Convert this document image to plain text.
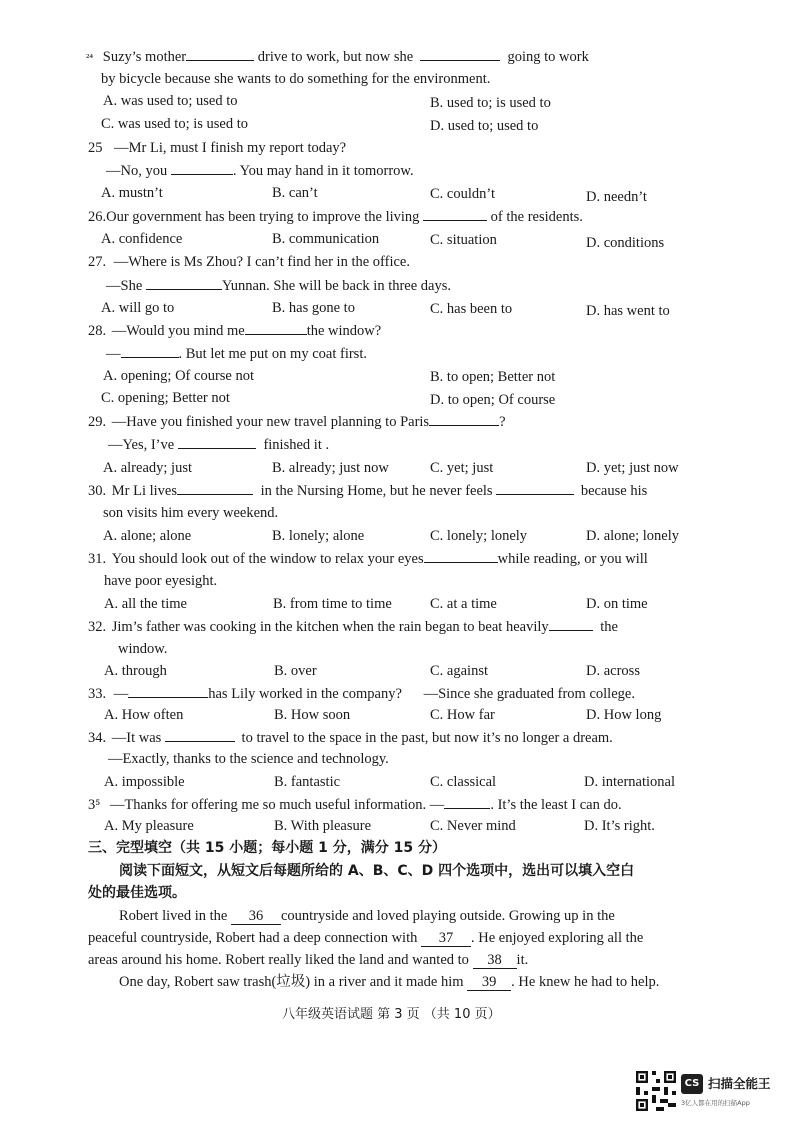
²⁴ Suzy’s mother	drive to work, but now she	going to work
by bicycle because she wants to do something for the environment.
A. was used to; used to	B. used to; is used to
C. was used to; is used to	D. used to; used to
25 —Mr Li, must I finish my report today?
—No, you	. You may hand in it tomorrow.
A. mustn’t	B. can’t	C. couldn’t	D. needn’t
26.Our government has been trying to improve the living	of the residents.
A. confidence	B. communication	C. situation	D. conditions
27. —Where is Ms Zhou? I can’t find her in the office.
—She	Yunnan. She will be back in three days.
A. will go to	B. has gone to	C. has been to	D. has went to
28. —Would you mind me	the window?
—	. But let me put on my coat first.
A. opening; Of course not	B. to open; Better not
C. opening; Better not	D. to open; Of course
29. —Have you finished your new travel planning to Paris	?
—Yes, I’ve	finished it .
A. already; just	B. already; just now	C. yet; just	D. yet; just now
30. Mr Li lives	in the Nursing Home, but he never feels	because his
son visits him every weekend.
A. alone; alone	B. lonely; alone	C. lonely; lonely	D. alone; lonely
31. You should look out of the window to relax your eyes	while reading, or you will
have poor eyesight.
A. all the time	B. from time to time	C. at a time	D. on time
32. Jim’s father was cooking in the kitchen when the rain began to beat heavily	the
window.
A. through	B. over	C. against	D. across
33. —	has Lily worked in the company? —Since she graduated from college.
A. How often	B. How soon	C. How far	D. How long
34. —It was	to travel to the space in the past, but now it’s no longer a dream.
—Exactly, thanks to the science and technology.
A. impossible	B. fantastic	C. classical	D. international
3⁵ —Thanks for offering me so much useful information. —	. It’s the least I can do.
A. My pleasure	B. With pleasure	C. Never mind	D. It’s right.
三、完型填空（共 15 小题；每小题 1 分，满分 15 分）
阅读下面短文，从短文后每题所给的 A、B、C、D 四个选项中，选出可以填入空白
处的最佳选项。
Robert lived in the 36 countryside and loved playing outside. Growing up in the
peaceful countryside, Robert had a deep connection with 37 . He enjoyed exploring all the
areas around his home. Robert really liked the land and wanted to 38 it.
One day, Robert saw trash(垃圾) in a river and it made him 39 . He knew he had to help.
八年级英语试题 第 3 页 （共 10 页）
CS 扫描全能王
3亿人都在用的扫描App
